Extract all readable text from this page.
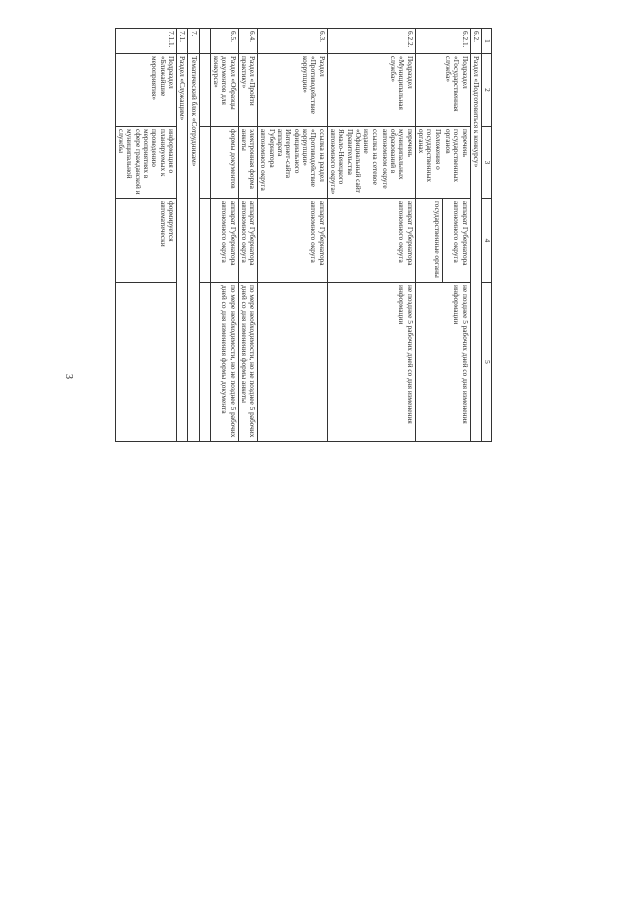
3
1	2	3	4	5
6.2.	Раздел «Подготовиться к конкурсу»			
6.2.1.	Подраздел «Государственная служба»	перечень государственных органов	аппарат Губернатора автономного округа	не позднее 5 рабочих дней со дня изменения информации
		Положения о государственных органах	государственные органы	
6.2.2.	Подраздел «Муниципальная служба»	перечень муниципальных образований в автономном округе	аппарат Губернатора автономного округа	не позднее 5 рабочих дней со дня изменения информации
		ссылка на сетевое издание «Официальный сайт Правительства Ямало-Ненецкого автономного округа»		
6.3.	Раздел «Противодействие коррупции»	ссылка на раздел «Противодействие коррупции» официального Интернет-сайта аппарата Губернатора автономного округа	аппарат Губернатора автономного округа	
6.4.	Раздел «Пройти практику»	электронная форма анкеты	аппарат Губернатора автономного округа	по мере необходимости, но не позднее 5 рабочих дней со дня изменения формы анкеты
6.5.	Раздел «Образцы документов для конкурса»	формы документов	аппарат Губернатора автономного округа	по мере необходимости, но не позднее 5 рабочих дней со дня изменения формы документа

7.	Тематический блок «Сотрудникам»			
7.1.	Раздел «Служащим»			
7.1.1.	Подраздел «Ближайшие мероприятия»	информация о планируемых к проведению мероприятиях в сфере гражданской и муниципальной службы	формируется автоматически	
